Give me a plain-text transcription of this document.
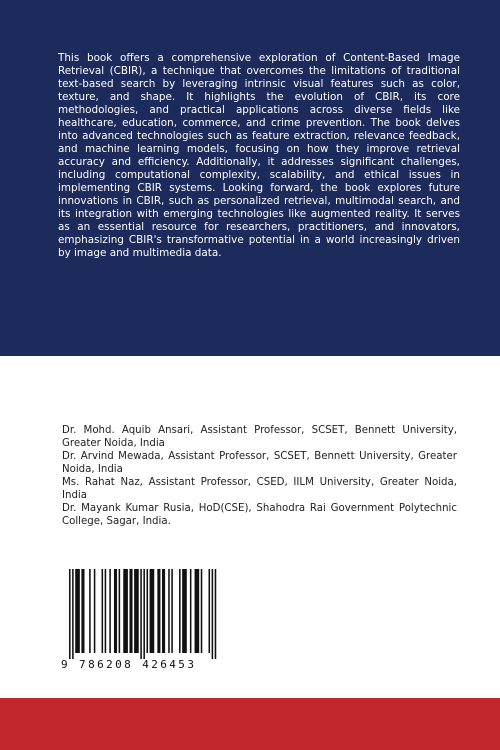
This book offers a comprehensive exploration of Content-Based Image Retrieval (CBIR), a technique that overcomes the limitations of traditional text-based search by leveraging intrinsic visual features such as color, texture, and shape. It highlights the evolution of CBIR, its core methodologies, and practical applications across diverse fields like healthcare, education, commerce, and crime prevention. The book delves into advanced technologies such as feature extraction, relevance feedback, and machine learning models, focusing on how they improve retrieval accuracy and efficiency. Additionally, it addresses significant challenges, including computational complexity, scalability, and ethical issues in implementing CBIR systems. Looking forward, the book explores future innovations in CBIR, such as personalized retrieval, multimodal search, and its integration with emerging technologies like augmented reality. It serves as an essential resource for researchers, practitioners, and innovators, emphasizing CBIR's transformative potential in a world increasingly driven by image and multimedia data.

Dr. Mohd. Aquib Ansari, Assistant Professor, SCSET, Bennett University, Greater Noida, India
Dr. Arvind Mewada, Assistant Professor, SCSET, Bennett University, Greater Noida, India
Ms. Rahat Naz, Assistant Professor, CSED, IILM University, Greater Noida, India
Dr. Mayank Kumar Rusia, HoD(CSE), Shahodra Rai Government Polytechnic College, Sagar, India.
9 786208 426453
